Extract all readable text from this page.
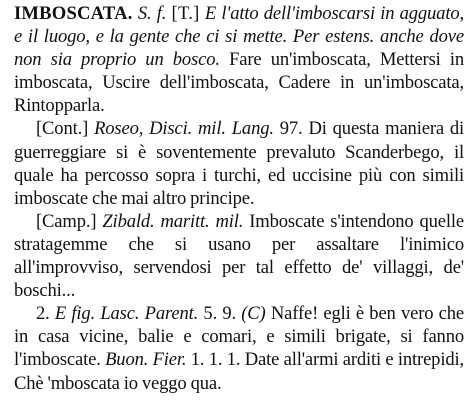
IMBOSCATA. S. f. [T.] E l'atto dell'imboscarsi in agguato, e il luogo, e la gente che ci si mette. Per estens. anche dove non sia proprio un bosco. Fare un'imboscata, Mettersi in imboscata, Uscire dell'imboscata, Cadere in un'imboscata, Rintopparla.

[Cont.] Roseo, Disci. mil. Lang. 97. Di questa maniera di guerreggiare si è soventemente prevaluto Scanderbego, il quale ha percosso sopra i turchi, ed uccisine più con simili imboscate che mai altro principe.

[Camp.] Zibald. maritt. mil. Imboscate s'intendono quelle stratagemme che si usano per assaltare l'inimico all'improvviso, servendosi per tal effetto de' villaggi, de' boschi...

2. E fig. Lasc. Parent. 5. 9. (C) Naffe! egli è ben vero che in casa vicine, balie e comari, e simili brigate, si fanno l'imboscate. Buon. Fier. 1. 1. 1. Date all'armi arditi e intrepidi, Chè 'mboscata io veggo qua.
